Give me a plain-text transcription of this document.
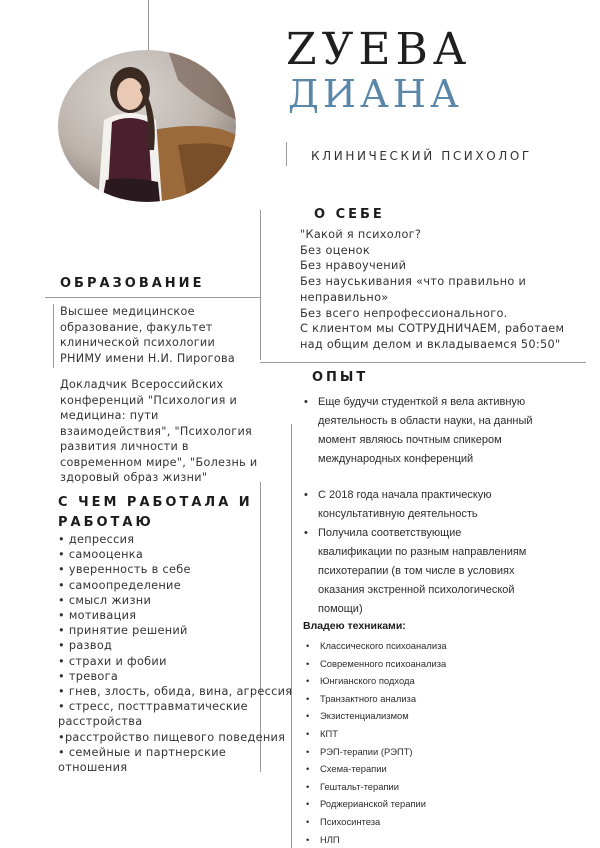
ZУЕВА
ДИАНА
КЛИНИЧЕСКИЙ ПСИХОЛОГ
О СЕБЕ
"Какой я психолог?
Без оценок
Без нравоучений
Без науськивания «что правильно и
неправильно»
Без всего непрофессионального.
С клиентом мы СОТРУДНИЧАЕМ, работаем
над общим делом и вкладываемся 50:50"
ОБРАЗОВАНИЕ
Высшее медицинское
образование, факультет
клинической психологии
РНИМУ имени Н.И. Пирогова
Докладчик Всероссийских
конференций "Психология и
медицина: пути
взаимодействия", "Психология
развития личности в
современном мире", "Болезнь и
здоровый образ жизни"
С ЧЕМ РАБОТАЛА И
РАБОТАЮ
• депрессия
• самооценка
• уверенность в себе
• самоопределение
• смысл жизни
• мотивация
• принятие решений
• развод
• страхи и фобии
• тревога
• гнев, злость, обида, вина, агрессия
• стресс, посттравматические
расстройства
•расстройство пищевого поведения
• семейные и партнерские
отношения
ОПЫТ
• Еще будучи студенткой я вела активную
деятельность в области науки, на данный
момент являюсь почтным спикером
международных конференций
• С 2018 года начала практическую
консультативную деятельность
• Получила соответствующие
квалификации по разным направлениям
психотерапии (в том числе в условиях
оказания экстренной психологической
помощи)
Владею техниками:
• Классического психоанализа
• Современного психоанализа
• Юнгианского подхода
• Транзактного анализа
• Экзистенциализмом
• КПТ
• РЭП-терапии (РЭПТ)
• Схема-терапии
• Гештальт-терапии
• Роджерианской терапии
• Психосинтеза
• НЛП
